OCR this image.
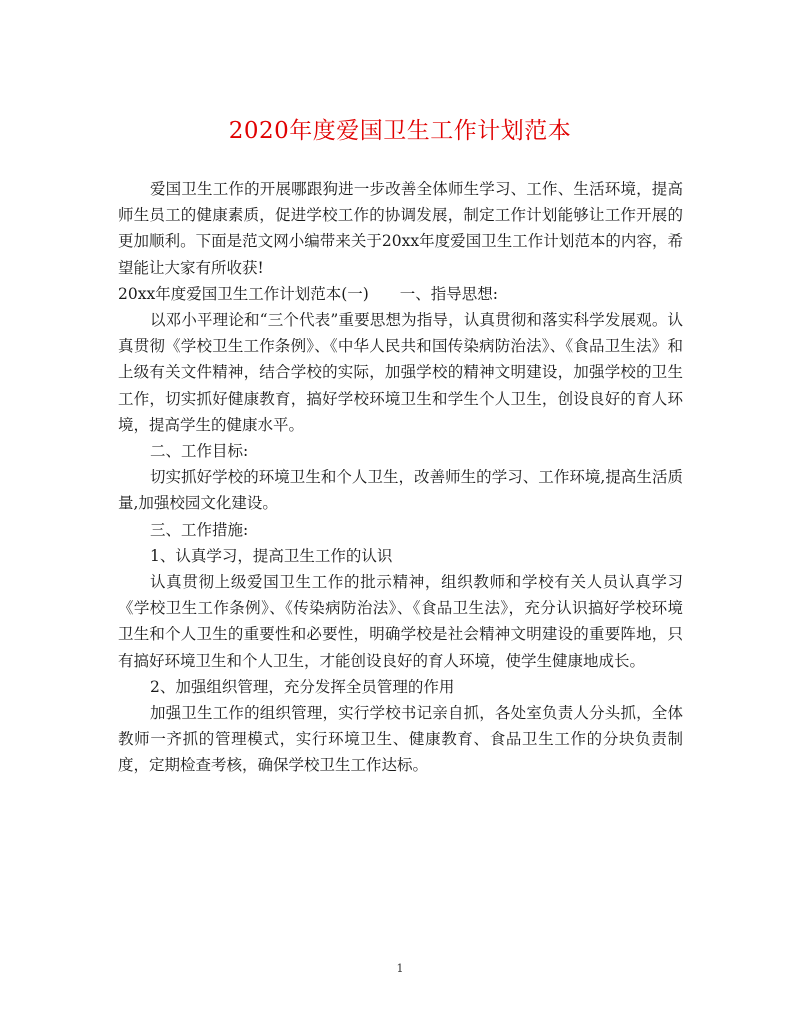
2020年度爱国卫生工作计划范本

爱国卫生工作的开展哪跟狗进一步改善全体师生学习、工作、生活环境，提高师生员工的健康素质，促进学校工作的协调发展，制定工作计划能够让工作开展的更加顺利。下面是范文网小编带来关于20xx年度爱国卫生工作计划范本的内容，希望能让大家有所收获!

20xx年度爱国卫生工作计划范本(一)　　一、指导思想:

以邓小平理论和“三个代表”重要思想为指导，认真贯彻和落实科学发展观。认真贯彻《学校卫生工作条例》、《中华人民共和国传染病防治法》、《食品卫生法》和上级有关文件精神，结合学校的实际，加强学校的精神文明建设，加强学校的卫生工作，切实抓好健康教育，搞好学校环境卫生和学生个人卫生，创设良好的育人环境，提高学生的健康水平。

二、工作目标:

切实抓好学校的环境卫生和个人卫生，改善师生的学习、工作环境,提高生活质量,加强校园文化建设。

三、工作措施:

1、认真学习，提高卫生工作的认识

认真贯彻上级爱国卫生工作的批示精神，组织教师和学校有关人员认真学习《学校卫生工作条例》、《传染病防治法》、《食品卫生法》，充分认识搞好学校环境卫生和个人卫生的重要性和必要性，明确学校是社会精神文明建设的重要阵地，只有搞好环境卫生和个人卫生，才能创设良好的育人环境，使学生健康地成长。

2、加强组织管理，充分发挥全员管理的作用

加强卫生工作的组织管理，实行学校书记亲自抓，各处室负责人分头抓，全体教师一齐抓的管理模式，实行环境卫生、健康教育、食品卫生工作的分块负责制度，定期检查考核，确保学校卫生工作达标。

1
